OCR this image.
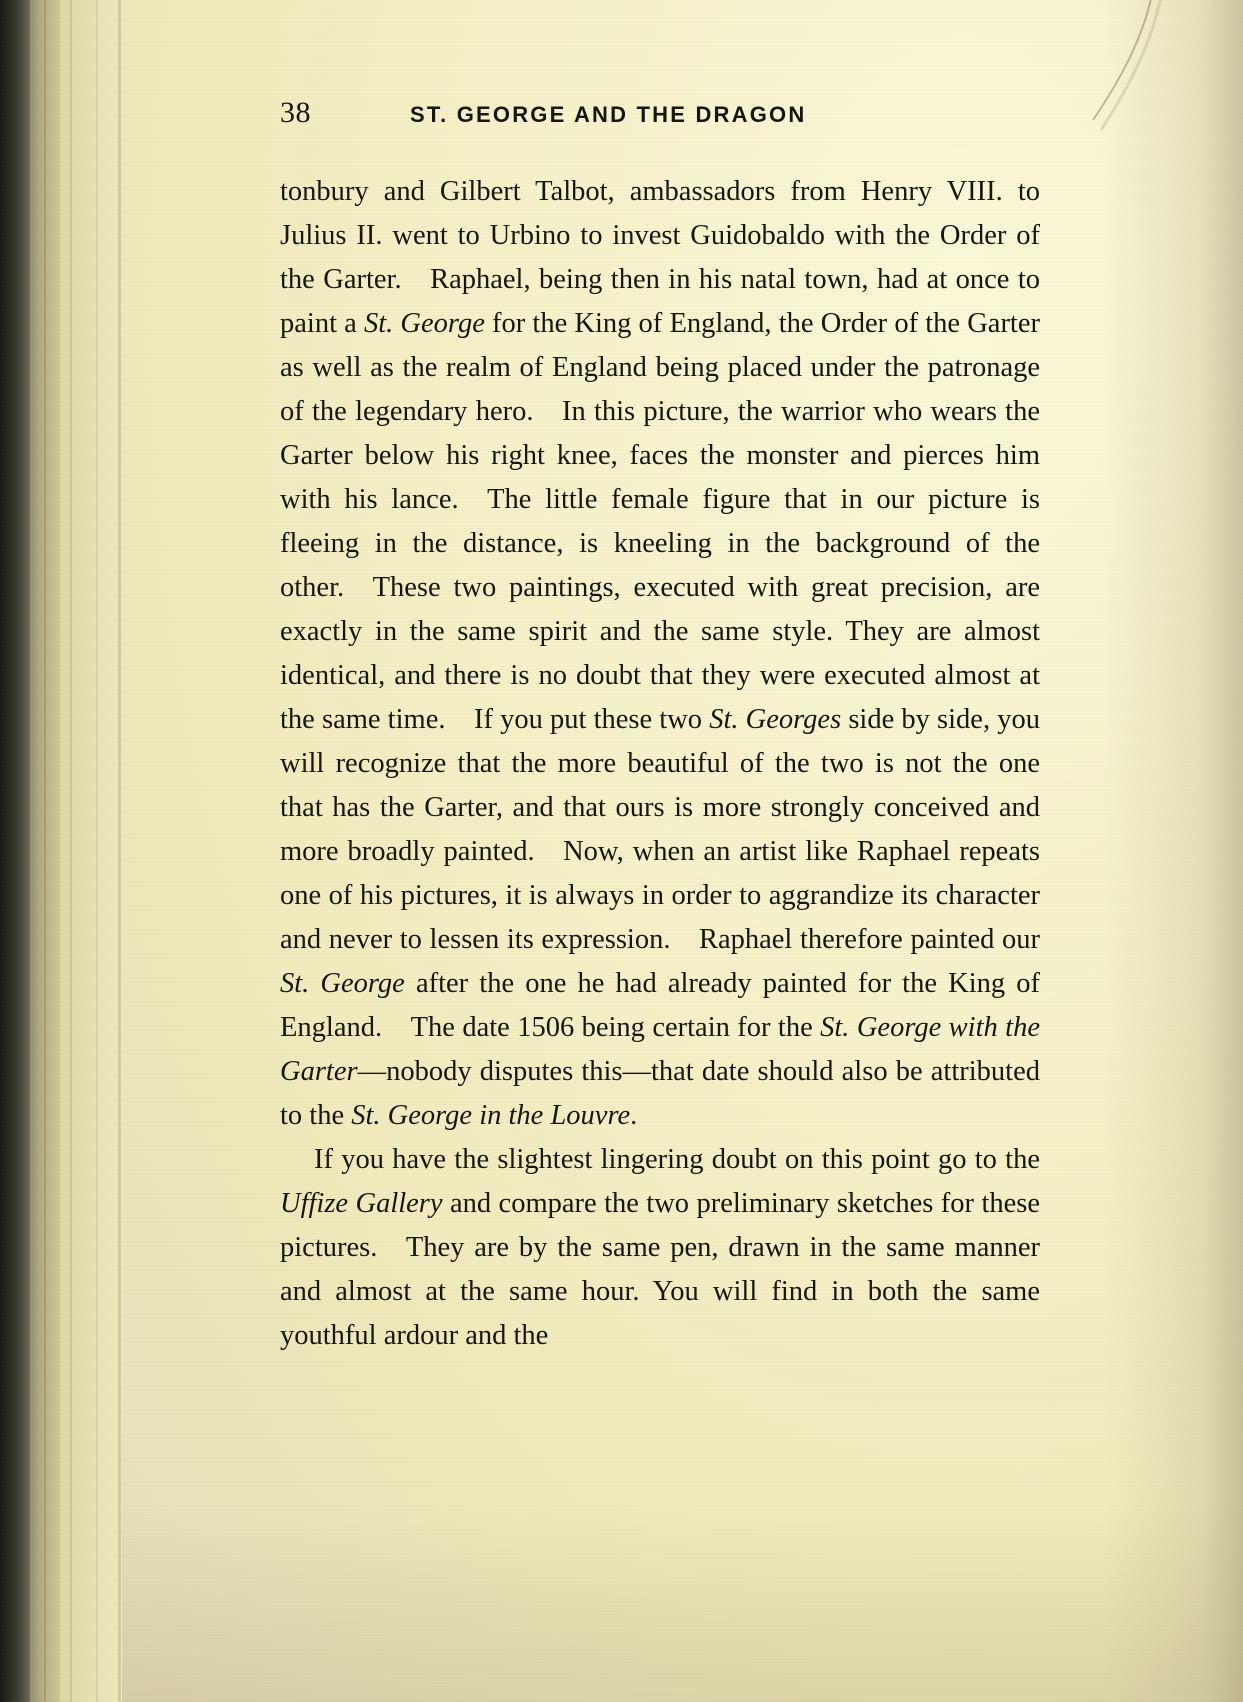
38	ST. GEORGE AND THE DRAGON

tonbury and Gilbert Talbot, ambassadors from Henry VIII. to Julius II. went to Urbino to invest Guidobaldo with the Order of the Garter. Raphael, being then in his natal town, had at once to paint a St. George for the King of England, the Order of the Garter as well as the realm of England being placed under the patronage of the legendary hero. In this picture, the warrior who wears the Garter below his right knee, faces the monster and pierces him with his lance. The little female figure that in our picture is fleeing in the distance, is kneeling in the background of the other. These two paintings, executed with great precision, are exactly in the same spirit and the same style. They are almost identical, and there is no doubt that they were executed almost at the same time. If you put these two St. Georges side by side, you will recognize that the more beautiful of the two is not the one that has the Garter, and that ours is more strongly conceived and more broadly painted. Now, when an artist like Raphael repeats one of his pictures, it is always in order to aggrandize its character and never to lessen its expression. Raphael therefore painted our St. George after the one he had already painted for the King of England. The date 1506 being certain for the St. George with the Garter—nobody disputes this—that date should also be attributed to the St. George in the Louvre.

If you have the slightest lingering doubt on this point go to the Uffize Gallery and compare the two preliminary sketches for these pictures. They are by the same pen, drawn in the same manner and almost at the same hour. You will find in both the same youthful ardour and the
